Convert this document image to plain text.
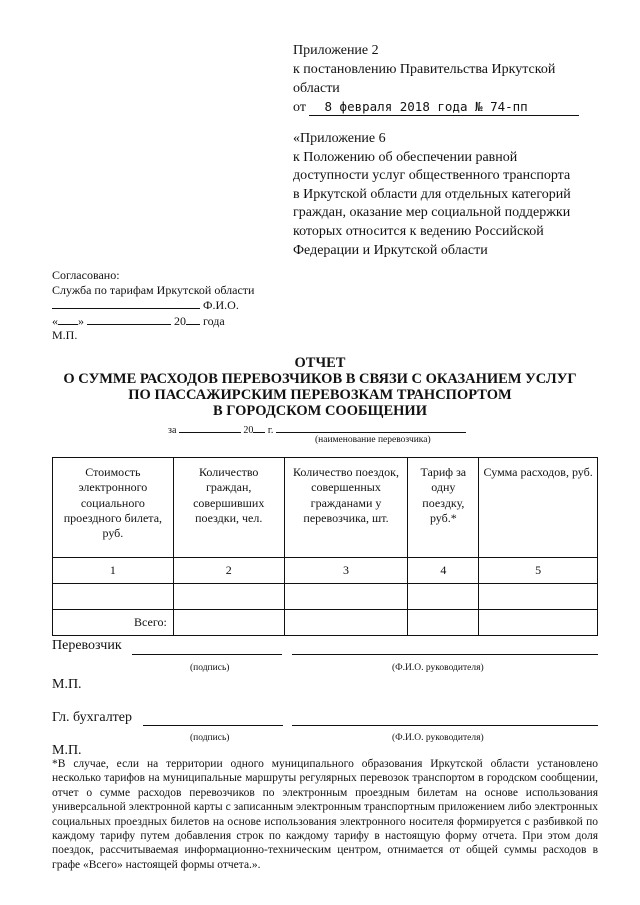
Приложение 2
к постановлению Правительства Иркутской
области
от 8 февраля 2018 года № 74-пп
«Приложение 6
к Положению об обеспечении равной
доступности услуг общественного транспорта
в Иркутской области для отдельных категорий
граждан, оказание мер социальной поддержки
которых относится к ведению Российской
Федерации и Иркутской области
Согласовано:
Служба по тарифам Иркутской области
Ф.И.О.
« »	20 года
М.П.
ОТЧЕТ
О СУММЕ РАСХОДОВ ПЕРЕВОЗЧИКОВ В СВЯЗИ С ОКАЗАНИЕМ УСЛУГ
ПО ПАССАЖИРСКИМ ПЕРЕВОЗКАМ ТРАНСПОРТОМ
В ГОРОДСКОМ СООБЩЕНИИ
за	20 г.
(наименование перевозчика)
Стоимость электронного социального проездного билета, руб.	Количество граждан, совершивших поездки, чел.	Количество поездок, совершенных гражданами у перевозчика, шт.	Тариф за одну поездку, руб.*	Сумма расходов, руб.
1	2	3	4	5

Всего:				
Перевозчик
(подпись)	(Ф.И.О. руководителя)
М.П.
Гл. бухгалтер
(подпись)	(Ф.И.О. руководителя)
М.П.
*В случае, если на территории одного муниципального образования Иркутской области установлено несколько тарифов на муниципальные маршруты регулярных перевозок транспортом в городском сообщении, отчет о сумме расходов перевозчиков по электронным проездным билетам на основе использования универсальной электронной карты с записанным электронным транспортным приложением либо электронных социальных проездных билетов на основе использования электронного носителя формируется с разбивкой по каждому тарифу путем добавления строк по каждому тарифу в настоящую форму отчета. При этом доля поездок, рассчитываемая информационно-техническим центром, отнимается от общей суммы расходов в графе «Всего» настоящей формы отчета.».
